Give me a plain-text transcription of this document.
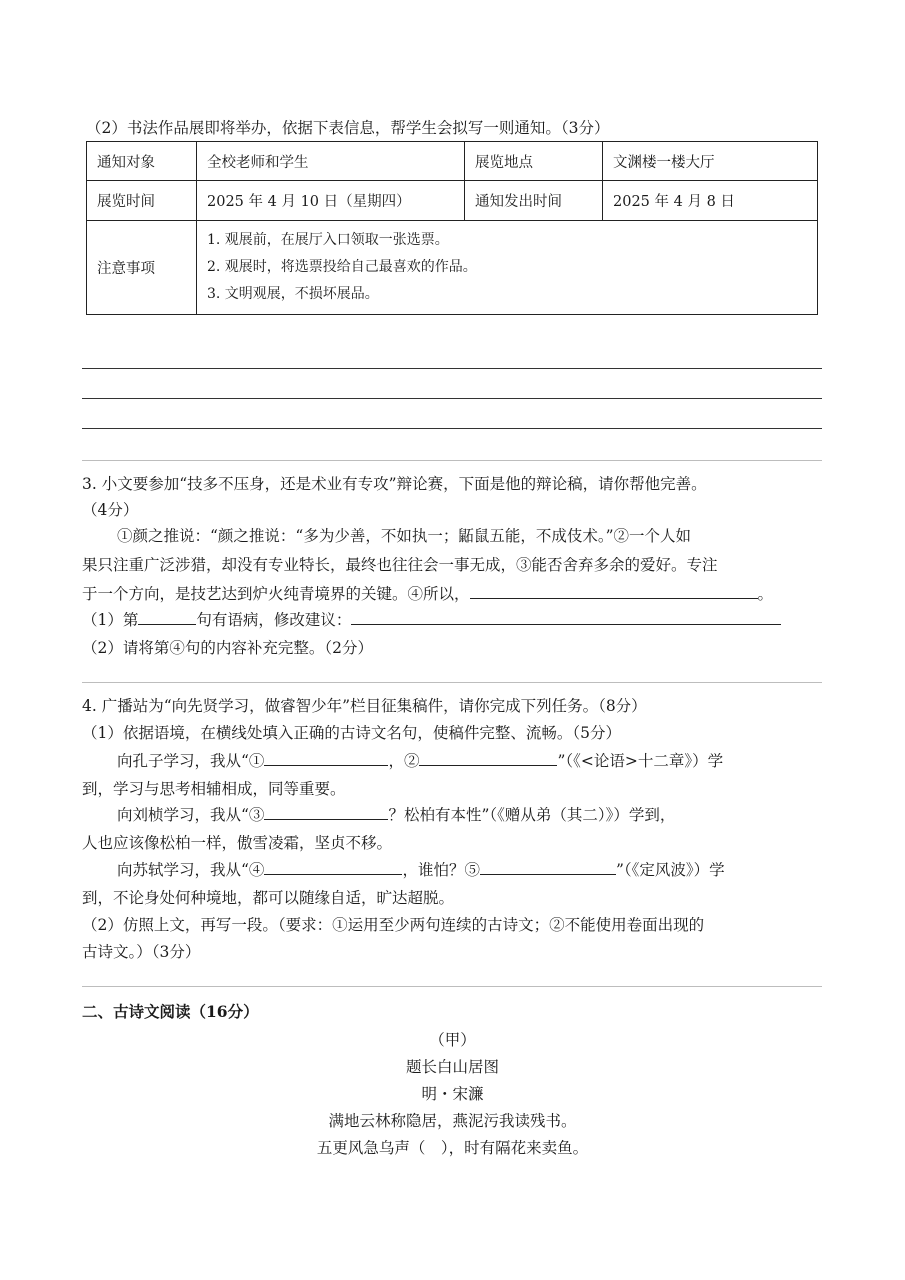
（2）书法作品展即将举办，依据下表信息，帮学生会拟写一则通知。（3分）
通知对象	全校老师和学生	展览地点	文渊楼一楼大厅
展览时间	2025 年 4 月 10 日（星期四）	通知发出时间	2025 年 4 月 8 日
注意事项	1. 观展前，在展厅入口领取一张选票。
2. 观展时，将选票投给自己最喜欢的作品。
3. 文明观展，不损坏展品。		
3. 小文要参加“技多不压身，还是术业有专攻”辩论赛，下面是他的辩论稿，请你帮他完善。
（4分）
①颜之推说：“颜之推说：“多为少善，不如执一；鼫鼠五能，不成伎术。”②一个人如
果只注重广泛涉猎，却没有专业特长，最终也往往会一事无成，③能否舍弃多余的爱好。专注
于一个方向，是技艺达到炉火纯青境界的关键。④所以，	。
（1）第	句有语病，修改建议：
（2）请将第④句的内容补充完整。（2分）
4. 广播站为“向先贤学习，做睿智少年”栏目征集稿件，请你完成下列任务。（8分）
（1）依据语境，在横线处填入正确的古诗文名句，使稿件完整、流畅。（5分）
向孔子学习，我从“①	，②	”（《<论语>十二章》）学
到，学习与思考相辅相成，同等重要。
向刘桢学习，我从“③	？松柏有本性”（《赠从弟（其二）》）学到，
人也应该像松柏一样，傲雪凌霜，坚贞不移。
向苏轼学习，我从“④	，谁怕？⑤	”（《定风波》）学
到，不论身处何种境地，都可以随缘自适，旷达超脱。
（2）仿照上文，再写一段。（要求：①运用至少两句连续的古诗文；②不能使用卷面出现的
古诗文。）（3分）
二、古诗文阅读（16分）
（甲）
题长白山居图
明・宋濂
满地云林称隐居，燕泥污我读残书。
五更风急乌声（　），时有隔花来卖鱼。
